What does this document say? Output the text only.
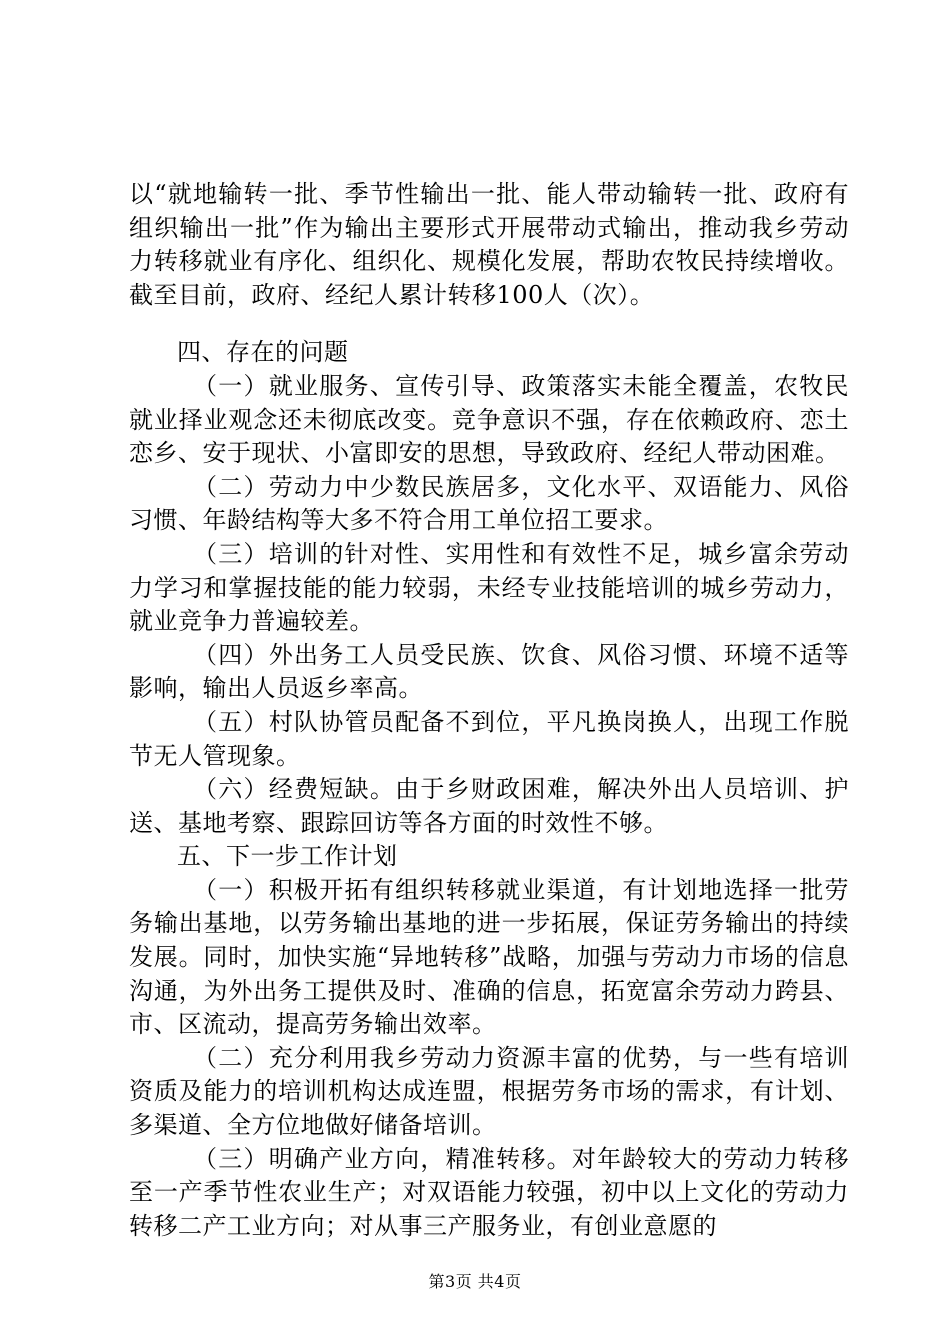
以“就地输转一批、季节性输出一批、能人带动输转一批、政府有组织输出一批”作为输出主要形式开展带动式输出，推动我乡劳动力转移就业有序化、组织化、规模化发展，帮助农牧民持续增收。截至目前，政府、经纪人累计转移100人（次）。

四、存在的问题

（一）就业服务、宣传引导、政策落实未能全覆盖，农牧民就业择业观念还未彻底改变。竞争意识不强，存在依赖政府、恋土恋乡、安于现状、小富即安的思想，导致政府、经纪人带动困难。

（二）劳动力中少数民族居多，文化水平、双语能力、风俗习惯、年龄结构等大多不符合用工单位招工要求。

（三）培训的针对性、实用性和有效性不足，城乡富余劳动力学习和掌握技能的能力较弱，未经专业技能培训的城乡劳动力，就业竞争力普遍较差。

（四）外出务工人员受民族、饮食、风俗习惯、环境不适等影响，输出人员返乡率高。

（五）村队协管员配备不到位，平凡换岗换人，出现工作脱节无人管现象。

（六）经费短缺。由于乡财政困难，解决外出人员培训、护送、基地考察、跟踪回访等各方面的时效性不够。

五、下一步工作计划

（一）积极开拓有组织转移就业渠道，有计划地选择一批劳务输出基地，以劳务输出基地的进一步拓展，保证劳务输出的持续发展。同时，加快实施“异地转移”战略，加强与劳动力市场的信息沟通，为外出务工提供及时、准确的信息，拓宽富余劳动力跨县、市、区流动，提高劳务输出效率。

（二）充分利用我乡劳动力资源丰富的优势，与一些有培训资质及能力的培训机构达成连盟，根据劳务市场的需求，有计划、多渠道、全方位地做好储备培训。

（三）明确产业方向，精准转移。对年龄较大的劳动力转移至一产季节性农业生产；对双语能力较强，初中以上文化的劳动力转移二产工业方向；对从事三产服务业，有创业意愿的

第3页 共4页
